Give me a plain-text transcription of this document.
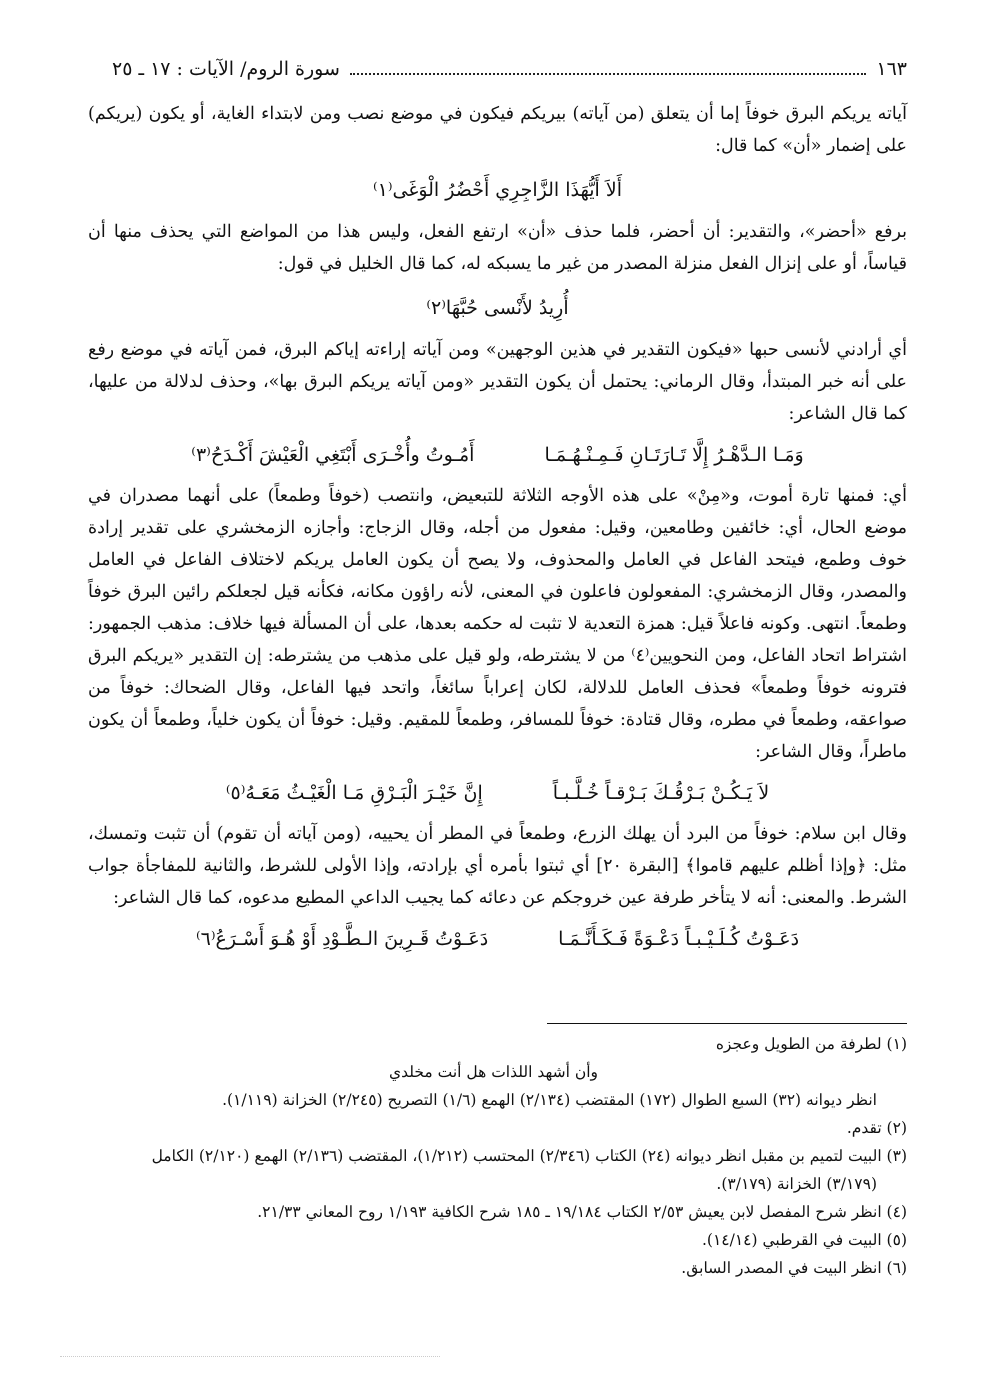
سورة الروم/ الآيات : ١٧ ـ ٢٥	١٦٣

آياته يريكم البرق خوفاً إما أن يتعلق (من آياته) بيريكم فيكون في موضع نصب ومن لابتداء الغاية، أو يكون (يريكم) على إضمار «أن» كما قال:

أَلاَ أَيُّهَذَا الزَّاجِرِي أَحْضُرُ الْوَغَى⁽١⁾

برفع «أحضر»، والتقدير: أن أحضر، فلما حذف «أن» ارتفع الفعل، وليس هذا من المواضع التي يحذف منها أن قياساً، أو على إنزال الفعل منزلة المصدر من غير ما يسبكه له، كما قال الخليل في قول:

أُرِيدُ لأَنْسى حُبَّهَا⁽٢⁾

أي أرادني لأنسى حبها «فيكون التقدير في هذين الوجهين» ومن آياته إراءته إياكم البرق، فمن آياته في موضع رفع على أنه خبر المبتدأ، وقال الرماني: يحتمل أن يكون التقدير «ومن آياته يريكم البرق بها»، وحذف لدلالة من عليها، كما قال الشاعر:

وَمَـا الـدَّهْـرُ إِلَّا تَـارَتَـانِ فَـمِـنْـهُـمَـا
أَمُـوتُ وأُخْـرَى أَبْتَغِي الْعَيْشَ أَكْـدَحُ⁽٣⁾

أي: فمنها تارة أموت، و«مِنْ» على هذه الأوجه الثلاثة للتبعيض، وانتصب (خوفاً وطمعاً) على أنهما مصدران في موضع الحال، أي: خائفين وطامعين، وقيل: مفعول من أجله، وقال الزجاج: وأجازه الزمخشري على تقدير إرادة خوف وطمع، فيتحد الفاعل في العامل والمحذوف، ولا يصح أن يكون العامل يريكم لاختلاف الفاعل في العامل والمصدر، وقال الزمخشري: المفعولون فاعلون في المعنى، لأنه راؤون مكانه، فكأنه قيل لجعلكم رائين البرق خوفاً وطمعاً. انتهى. وكونه فاعلاً قيل: همزة التعدية لا تثبت له حكمه بعدها، على أن المسألة فيها خلاف: مذهب الجمهور: اشتراط اتحاد الفاعل، ومن النحويين⁽٤⁾ من لا يشترطه، ولو قيل على مذهب من يشترطه: إن التقدير «يريكم البرق فترونه خوفاً وطمعاً» فحذف العامل للدلالة، لكان إعراباً سائغاً، واتحد فيها الفاعل، وقال الضحاك: خوفاً من صواعقه، وطمعاً في مطره، وقال قتادة: خوفاً للمسافر، وطمعاً للمقيم. وقيل: خوفاً أن يكون خلياً، وطمعاً أن يكون ماطراً، وقال الشاعر:

لاَ يَـكُـنْ بَـرْقُـكَ بَـرْقـاً خُـلَّـبـاً
إِنَّ خَيْـرَ الْبَـرْقِ مَـا الْغَيْـثُ مَعَـهُ⁽٥⁾

وقال ابن سلام: خوفاً من البرد أن يهلك الزرع، وطمعاً في المطر أن يحييه، (ومن آياته أن تقوم) أن تثبت وتمسك، مثل: ﴿وإذا أظلم عليهم قاموا﴾ [البقرة ٢٠] أي ثبتوا بأمره أي بإرادته، وإذا الأولى للشرط، والثانية للمفاجأة جواب الشرط. والمعنى: أنه لا يتأخر طرفة عين خروجكم عن دعائه كما يجيب الداعي المطيع مدعوه، كما قال الشاعر:

دَعَـوْتُ كُـلَـيْـبـاً دَعْـوَةً فَـكَـأَنَّـمَـا
دَعَـوْتُ قَـرِينَ الـطَّـوْدِ أَوْ هُـوَ أَسْـرَعُ⁽٦⁾

(١) لطرفة من الطويل وعجزه

وأن أشهد اللذات هل أنت مخلدي

انظر ديوانه (٣٢) السبع الطوال (١٧٢) المقتضب (٢/١٣٤) الهمع (١/٦) التصريح (٢/٢٤٥) الخزانة (١/١١٩).

(٢) تقدم.

(٣) البيت لتميم بن مقبل انظر ديوانه (٢٤) الكتاب (٢/٣٤٦) المحتسب (١/٢١٢)، المقتضب (٢/١٣٦) الهمع (٢/١٢٠) الكامل

(٣/١٧٩) الخزانة (٣/١٧٩).

(٤) انظر شرح المفصل لابن يعيش ٢/٥٣ الكتاب ١٩/١٨٤ ـ ١٨٥ شرح الكافية ١/١٩٣ روح المعاني ٢١/٣٣.

(٥) البيت في القرطبي (١٤/١٤).

(٦) انظر البيت في المصدر السابق.
